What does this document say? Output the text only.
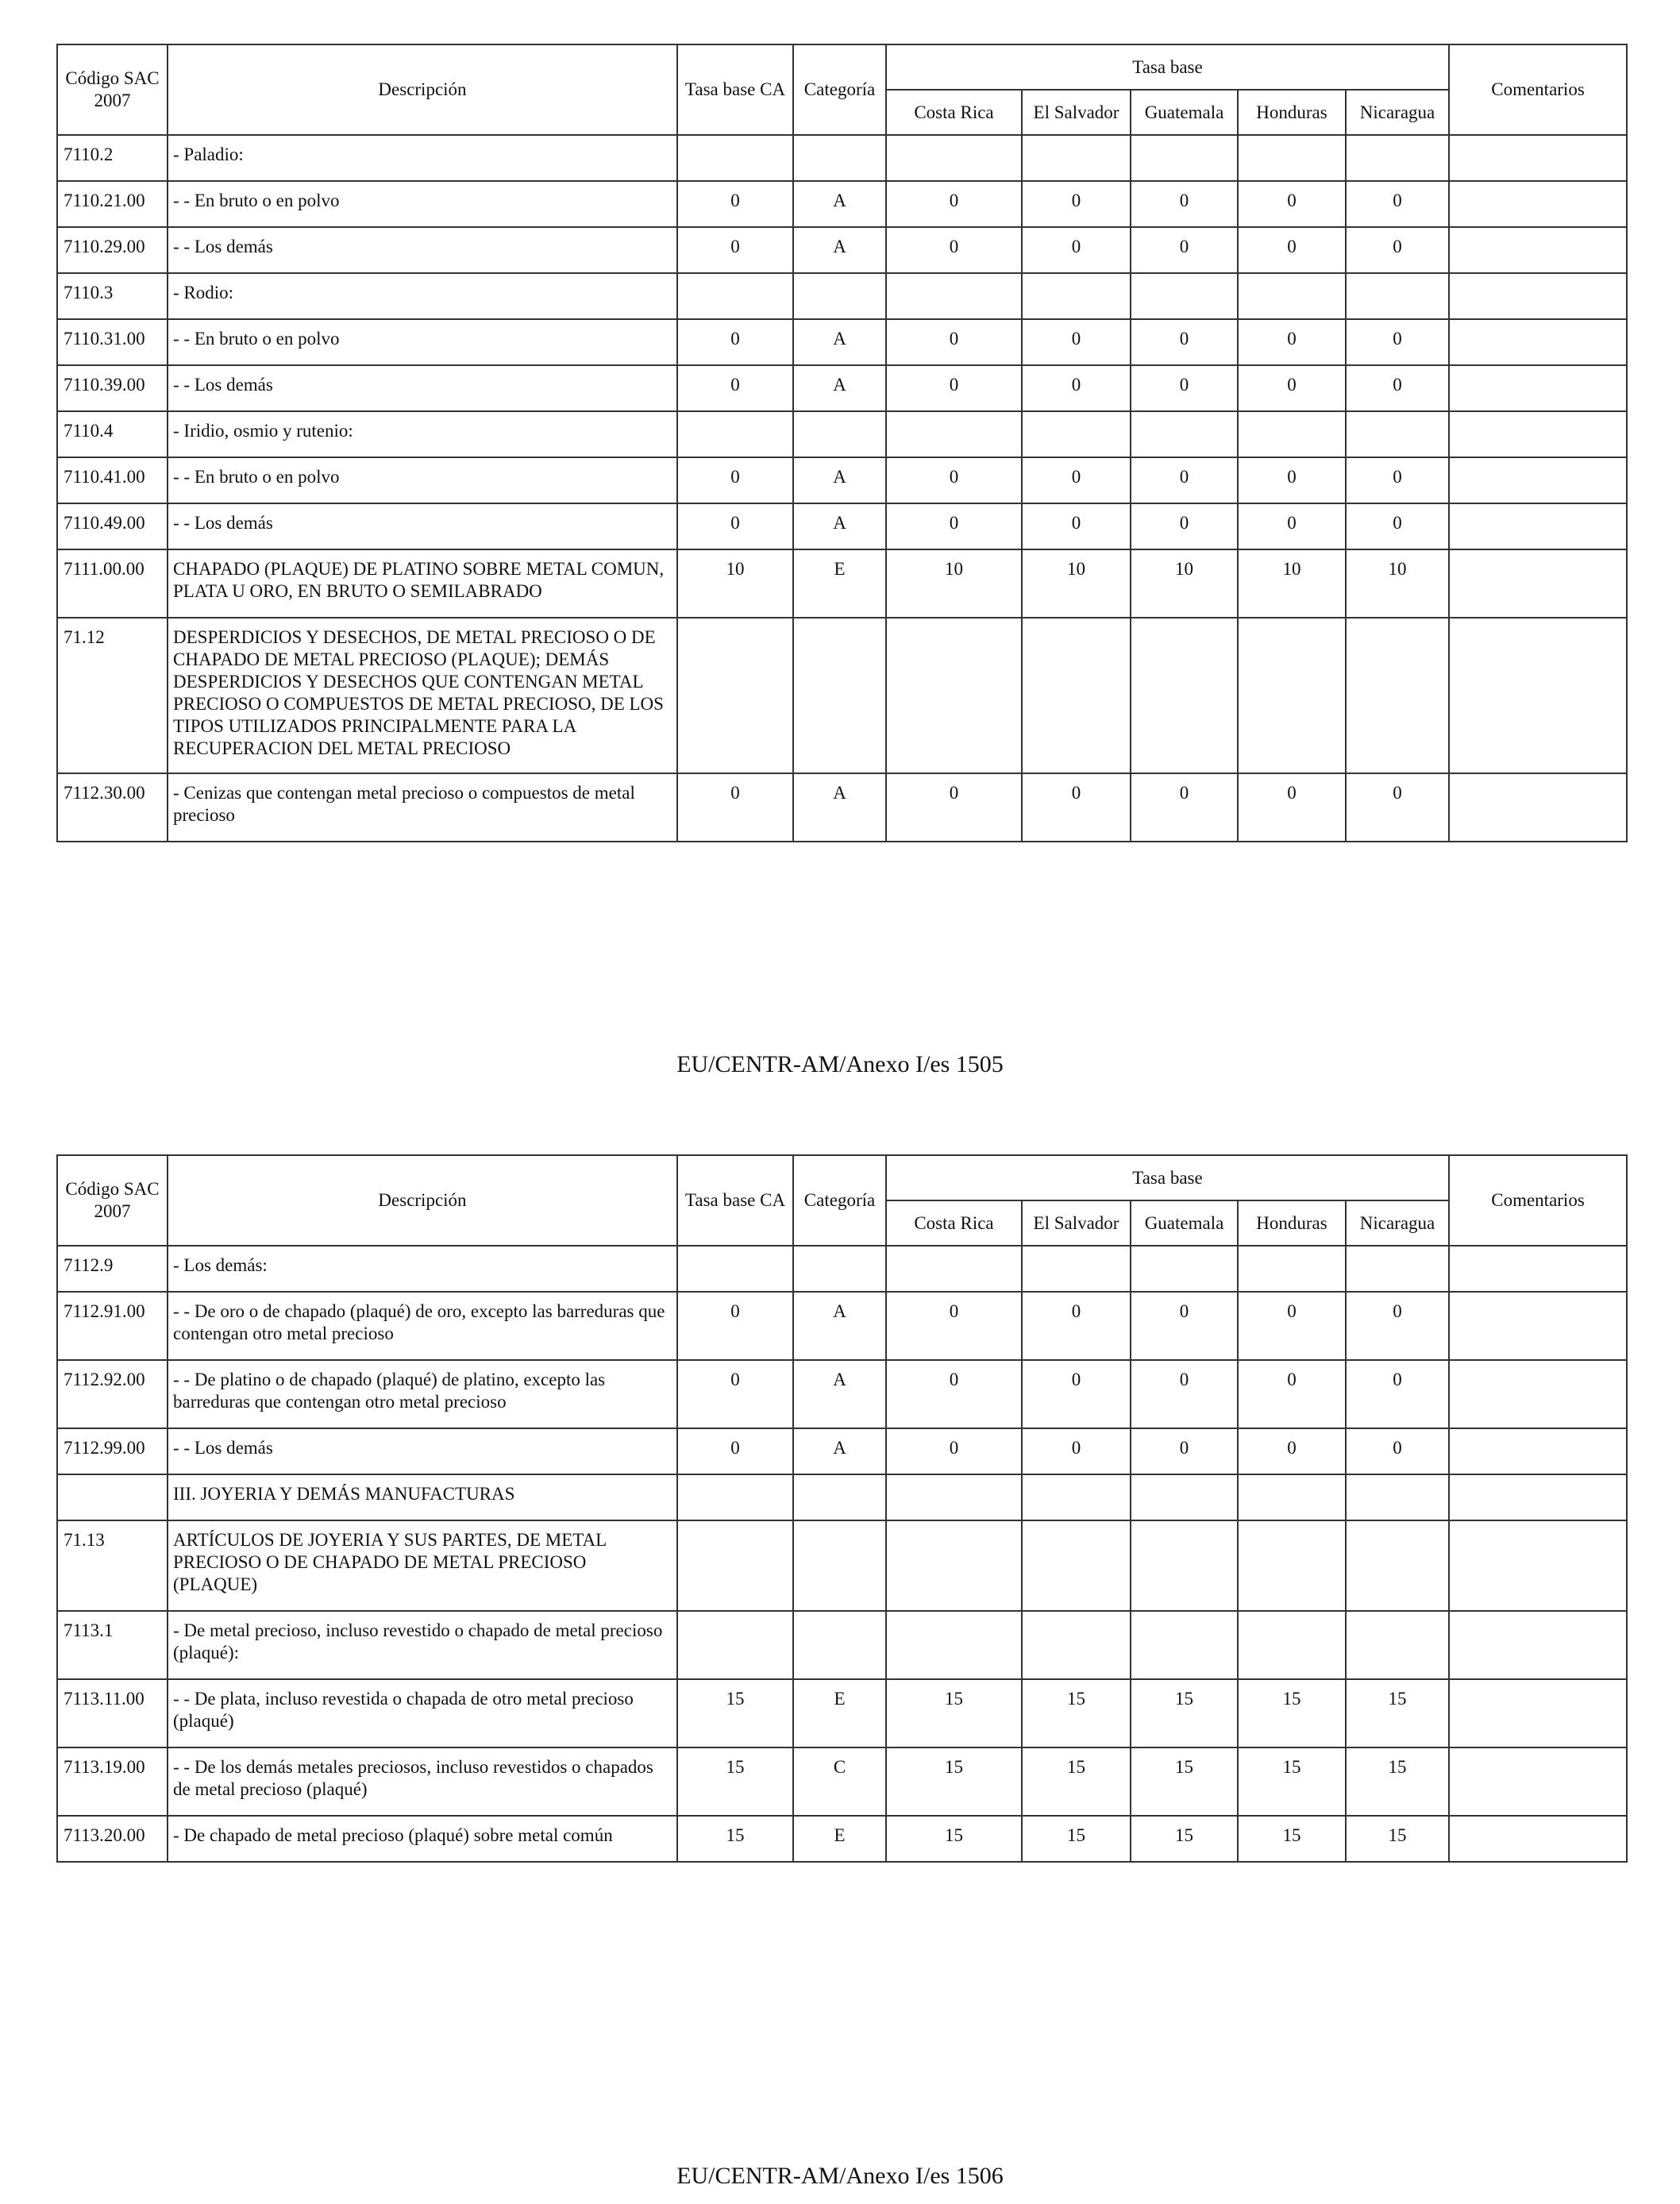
Código SAC 2007	Descripción	Tasa base CA	Categoría	Tasa base					Comentarios
				Costa Rica	El Salvador	Guatemala	Honduras	Nicaragua	
7110.2	- Paladio:								
7110.21.00	- - En bruto o en polvo	0	A	0	0	0	0	0	
7110.29.00	- - Los demás	0	A	0	0	0	0	0	
7110.3	- Rodio:								
7110.31.00	- - En bruto o en polvo	0	A	0	0	0	0	0	
7110.39.00	- - Los demás	0	A	0	0	0	0	0	
7110.4	- Iridio, osmio y rutenio:								
7110.41.00	- - En bruto o en polvo	0	A	0	0	0	0	0	
7110.49.00	- - Los demás	0	A	0	0	0	0	0	
7111.00.00	CHAPADO (PLAQUE) DE PLATINO SOBRE METAL COMUN, PLATA U ORO, EN BRUTO O SEMILABRADO	10	E	10	10	10	10	10	
71.12	DESPERDICIOS Y DESECHOS, DE METAL PRECIOSO O DE CHAPADO DE METAL PRECIOSO (PLAQUE); DEMÁS DESPERDICIOS Y DESECHOS QUE CONTENGAN METAL PRECIOSO O COMPUESTOS DE METAL PRECIOSO, DE LOS TIPOS UTILIZADOS PRINCIPALMENTE PARA LA RECUPERACION DEL METAL PRECIOSO								
7112.30.00	- Cenizas que contengan metal precioso o compuestos de metal precioso	0	A	0	0	0	0	0	
EU/CENTR-AM/Anexo I/es 1505
Código SAC 2007	Descripción	Tasa base CA	Categoría	Tasa base					Comentarios
				Costa Rica	El Salvador	Guatemala	Honduras	Nicaragua	
7112.9	- Los demás:								
7112.91.00	- - De oro o de chapado (plaqué) de oro, excepto las barreduras que contengan otro metal precioso	0	A	0	0	0	0	0	
7112.92.00	- - De platino o de chapado (plaqué) de platino, excepto las barreduras que contengan otro metal precioso	0	A	0	0	0	0	0	
7112.99.00	- - Los demás	0	A	0	0	0	0	0	
	III. JOYERIA Y DEMÁS MANUFACTURAS								
71.13	ARTÍCULOS DE JOYERIA Y SUS PARTES, DE METAL PRECIOSO O DE CHAPADO DE METAL PRECIOSO (PLAQUE)								
7113.1	- De metal precioso, incluso revestido o chapado de metal precioso (plaqué):								
7113.11.00	- - De plata, incluso revestida o chapada de otro metal precioso (plaqué)	15	E	15	15	15	15	15	
7113.19.00	- - De los demás metales preciosos, incluso revestidos o chapados de metal precioso (plaqué)	15	C	15	15	15	15	15	
7113.20.00	- De chapado de metal precioso (plaqué) sobre metal común	15	E	15	15	15	15	15	
EU/CENTR-AM/Anexo I/es 1506
